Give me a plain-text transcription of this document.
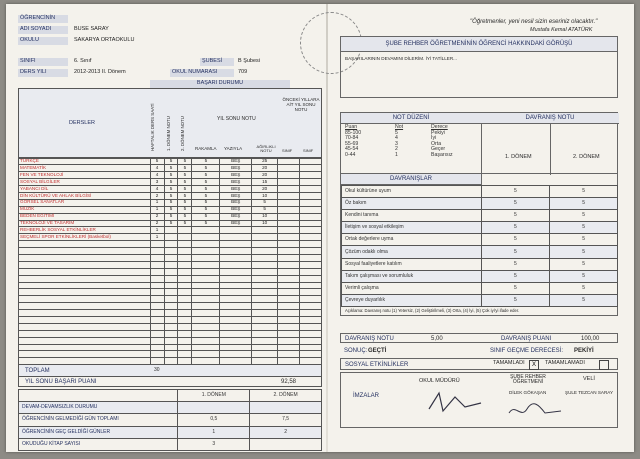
ÖĞRENCİNİN
ADI SOYADI	BUSE SARAY
OKULU	SAKARYA ORTAOKULU
SINIFI	6. Sınıf	ŞUBESİ	B Şubesi
DERS YILI	2012-2013 II. Dönem	OKUL NUMARASI	709
BAŞARI DURUMU
DERSLER	HAFTALIK DERS SAATİ	1. DÖNEM NOTU 2. DÖNEM NOTU	YIL SONU NOTU
RAKAMLA YAZIYLA	AĞIRLIKLI NOTU
ÖNCEKİ YILLARA AİT YIL SONU NOTU
SINIF	SINIF
TÜRKÇE	5	5	5	5	BEŞ	25		
MATEMATİK	4	5	5	5	BEŞ	20		
FEN VE TEKNOLOJİ	4	5	5	5	BEŞ	20		
SOSYAL BİLGİLER	3	5	5	5	BEŞ	15		
YABANCI DİL	4	5	5	5	BEŞ	20		
DİN KÜLTÜRÜ VE AHLAK BİLGİSİ	2	5	5	5	BEŞ	10		
GÖRSEL SANATLAR	1	5	5	5	BEŞ	5		
MÜZİK	1	5	5	5	BEŞ	5		
BEDEN EĞİTİMİ	2	5	5	5	BEŞ	10		
TEKNOLOJİ VE TASARIM	2	5	5	5	BEŞ	10		
REHBERLİK SOSYAL ETKİNLİKLER	1							
SEÇMELİ SPOR ETKİNLİKLERİ (Basketbol)	1							

TOPLAM	30
YIL SONU BAŞARI PUANI	92,58
	1. DÖNEM	2. DÖNEM
DEVAM-DEVAMSIZLIK DURUMU		
ÖĞRENCİNİN GELMEDİĞİ GÜN TOPLAMI	0,5	7,5
ÖĞRENCİNİN GEÇ GELDİĞİ GÜNLER	1	2
OKUDUĞU KİTAP SAYISI	3	
"Öğretmenler, yeni nesil sizin eseriniz olacaktır."
Mustafa Kemal ATATÜRK
ŞUBE REHBER ÖĞRETMENİNİN ÖĞRENCİ HAKKINDAKİ GÖRÜŞÜ
BAŞARILARININ DEVAMINI DİLERİM. İYİ TATİLLER...
NOT DÜZENİ	DAVRANIŞ NOTU
1. DÖNEM	2. DÖNEM
Puan	Not	Derece
85-100	5	Pekiyi
70-84	4	İyi
55-69	3	Orta
45-54	2	Geçer
0-44	1	Başarısız
DAVRANIŞLAR
Okul kültürüne uyum	5	5
Öz bakım	5	5
Kendini tanıma	5	5
İletişim ve sosyal etkileşim	5	5
Ortak değerlere uyma	5	5
Çözüm odaklı olma	5	5
Sosyal faaliyetlere katılım	5	5
Takım çalışması ve sorumluluk	5	5
Verimli çalışma	5	5
Çevreye duyarlılık	5	5
Açıklama: Davranış notu (1) Yetersiz, (2) Geliştirilmeli, (3) Orta, (4) İyi, (5) Çok iyi'yi ifade eder.
DAVRANIŞ NOTU	5,00	DAVRANIŞ PUANI	100,00
SONUÇ: GEÇTİ	SINIF GEÇME DERECESİ: PEKİYİ
SOSYAL ETKİNLİKLER	TAMAMLADI	X	TAMAMLAMADI
İMZALAR
OKUL MÜDÜRÜ
ŞUBE REHBER ÖĞRETMENİ
DİLEK GÖKAŞAN
VELİ
ŞULE TEZCAN SARAY
